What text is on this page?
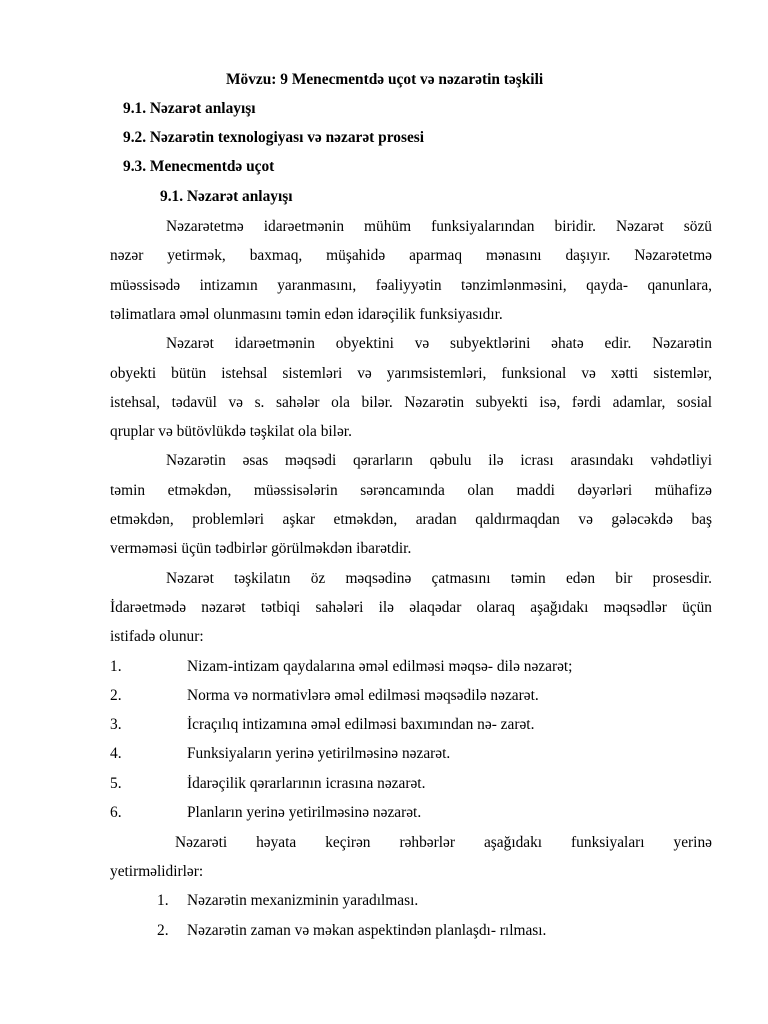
Mövzu: 9 Menecmentdə uçot və nəzarətin təşkili
9.1. Nəzarət anlayışı
9.2. Nəzarətin texnologiyası və nəzarət prosesi
9.3. Menecmentdə uçot
9.1. Nəzarət anlayışı
Nəzarətetmə idarəetmənin mühüm funksiyalarından biridir. Nəzarət sözü
nəzər yetirmək, baxmaq, müşahidə aparmaq mənasını daşıyır. Nəzarətetmə
müəssisədə intizamın yaranmasını, fəaliyyətin tənzimlənməsini, qayda- qanunlara,
təlimatlara əməl olunmasını təmin edən idarəçilik funksiyasıdır.
Nəzarət idarəetmənin obyektini və subyektlərini əhatə edir. Nəzarətin
obyekti bütün istehsal sistemləri və yarımsistemləri, funksional və xətti sistemlər,
istehsal, tədavül və s. sahələr ola bilər. Nəzarətin subyekti isə, fərdi adamlar, sosial
qruplar və bütövlükdə təşkilat ola bilər.
Nəzarətin əsas məqsədi qərarların qəbulu ilə icrası arasındakı vəhdətliyi
təmin etməkdən, müəssisələrin sərəncamında olan maddi dəyərləri mühafizə
etməkdən, problemləri aşkar etməkdən, aradan qaldırmaqdan və gələcəkdə baş
verməməsi üçün tədbirlər görülməkdən ibarətdir.
Nəzarət təşkilatın öz məqsədinə çatmasını təmin edən bir prosesdir.
İdarəetmədə nəzarət tətbiqi sahələri ilə əlaqədar olaraq aşağıdakı məqsədlər üçün
istifadə olunur:
1.	Nizam-intizam qaydalarına əməl edilməsi məqsə- dilə nəzarət;
2.	Norma və normativlərə əməl edilməsi məqsədilə nəzarət.
3.	İcraçılıq intizamına əməl edilməsi baxımından nə- zarət.
4.	Funksiyaların yerinə yetirilməsinə nəzarət.
5.	İdarəçilik qərarlarının icrasına nəzarət.
6.	Planların yerinə yetirilməsinə nəzarət.
Nəzarəti həyata keçirən rəhbərlər aşağıdakı funksiyaları yerinə
yetirməlidirlər:
1. Nəzarətin mexanizminin yaradılması.
2. Nəzarətin zaman və məkan aspektindən planlaşdı- rılması.
